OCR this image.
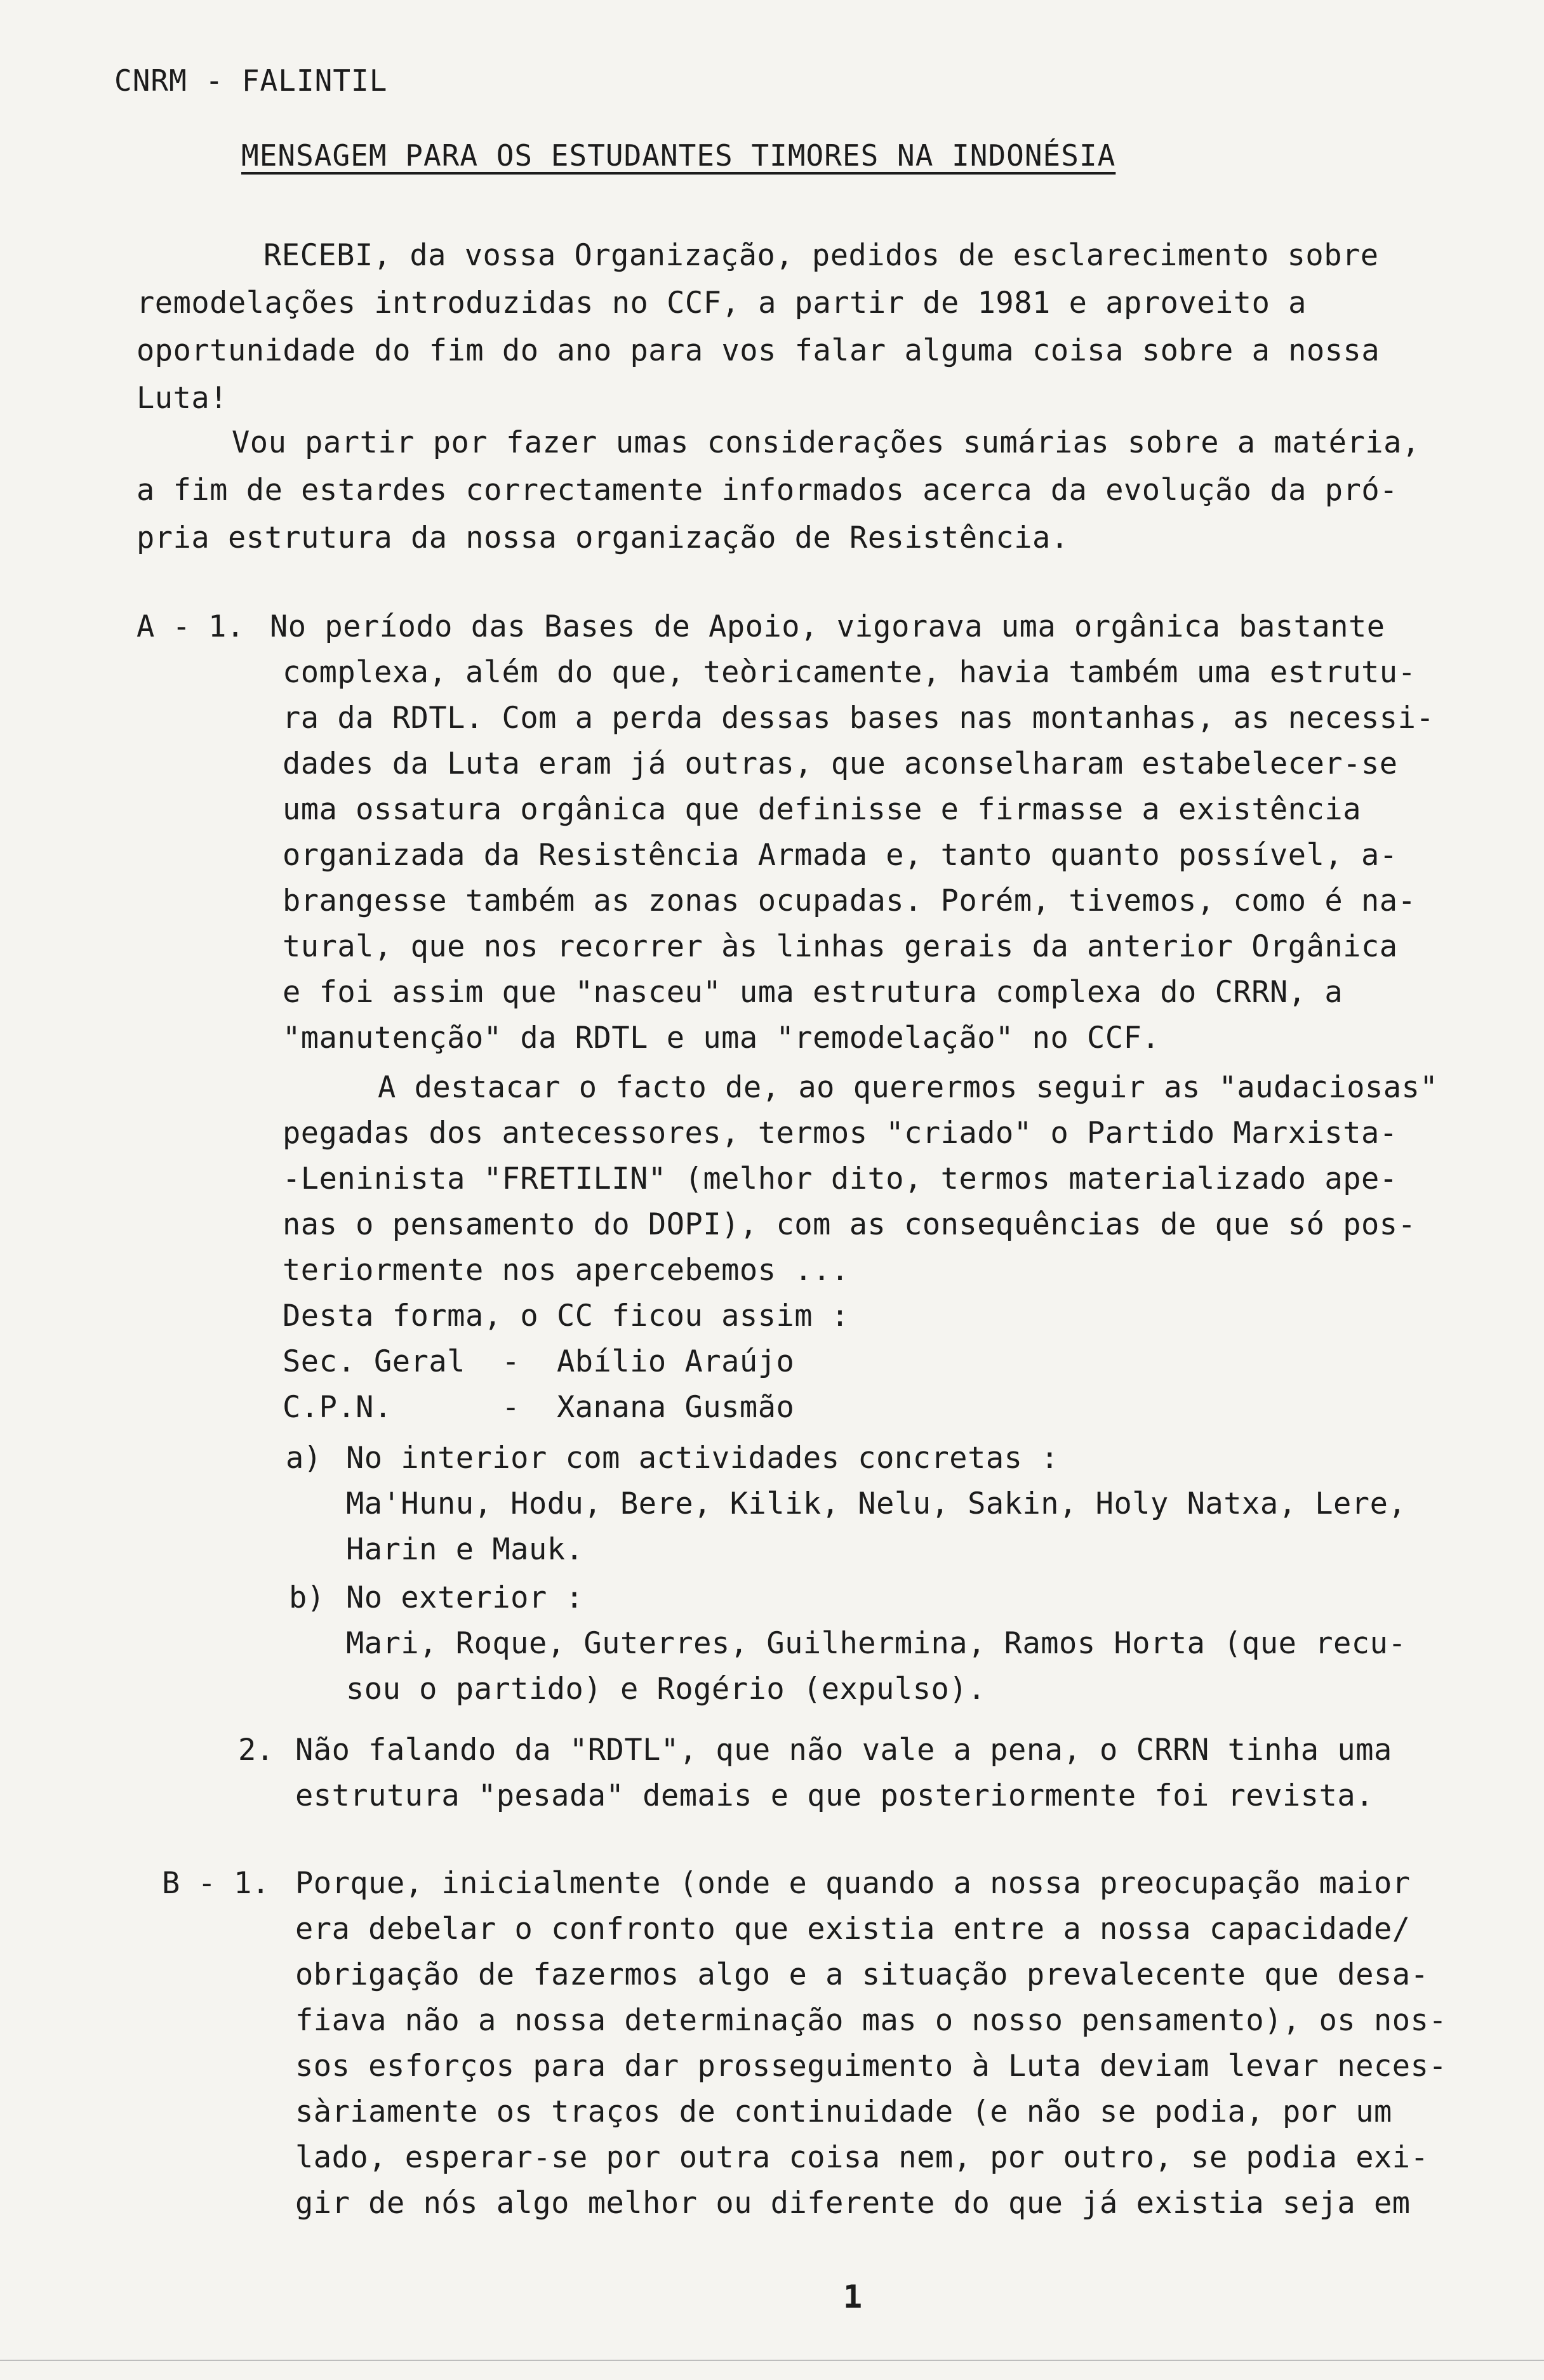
CNRM - FALINTIL
MENSAGEM PARA OS ESTUDANTES TIMORES NA INDONÉSIA
RECEBI, da vossa Organização, pedidos de esclarecimento sobre
remodelações introduzidas no CCF, a partir de 1981 e aproveito a
oportunidade do fim do ano para vos falar alguma coisa sobre a nossa
Luta!
Vou partir por fazer umas considerações sumárias sobre a matéria,
a fim de estardes correctamente informados acerca da evolução da pró-
pria estrutura da nossa organização de Resistência.
A - 1. No período das Bases de Apoio, vigorava uma orgânica bastante
complexa, além do que, teòricamente, havia também uma estrutu-
ra da RDTL. Com a perda dessas bases nas montanhas, as necessi-
dades da Luta eram já outras, que aconselharam estabelecer-se
uma ossatura orgânica que definisse e firmasse a existência
organizada da Resistência Armada e, tanto quanto possível, a-
brangesse também as zonas ocupadas. Porém, tivemos, como é na-
tural, que nos recorrer às linhas gerais da anterior Orgânica
e foi assim que "nasceu" uma estrutura complexa do CRRN, a
"manutenção" da RDTL e uma "remodelação" no CCF.
A destacar o facto de, ao querermos seguir as "audaciosas"
pegadas dos antecessores, termos "criado" o Partido Marxista-
-Leninista "FRETILIN" (melhor dito, termos materializado ape-
nas o pensamento do DOPI), com as consequências de que só pos-
teriormente nos apercebemos ...
Desta forma, o CC ficou assim :
Sec. Geral  -  Abílio Araújo
C.P.N.      -  Xanana Gusmão
a) No interior com actividades concretas :
Ma'Hunu, Hodu, Bere, Kilik, Nelu, Sakin, Holy Natxa, Lere,
Harin e Mauk.
b) No exterior :
Mari, Roque, Guterres, Guilhermina, Ramos Horta (que recu-
sou o partido) e Rogério (expulso).
2. Não falando da "RDTL", que não vale a pena, o CRRN tinha uma
estrutura "pesada" demais e que posteriormente foi revista.
B - 1. Porque, inicialmente (onde e quando a nossa preocupação maior
era debelar o confronto que existia entre a nossa capacidade/
obrigação de fazermos algo e a situação prevalecente que desa-
fiava não a nossa determinação mas o nosso pensamento), os nos-
sos esforços para dar prosseguimento à Luta deviam levar neces-
sàriamente os traços de continuidade (e não se podia, por um
lado, esperar-se por outra coisa nem, por outro, se podia exi-
gir de nós algo melhor ou diferente do que já existia seja em
1
